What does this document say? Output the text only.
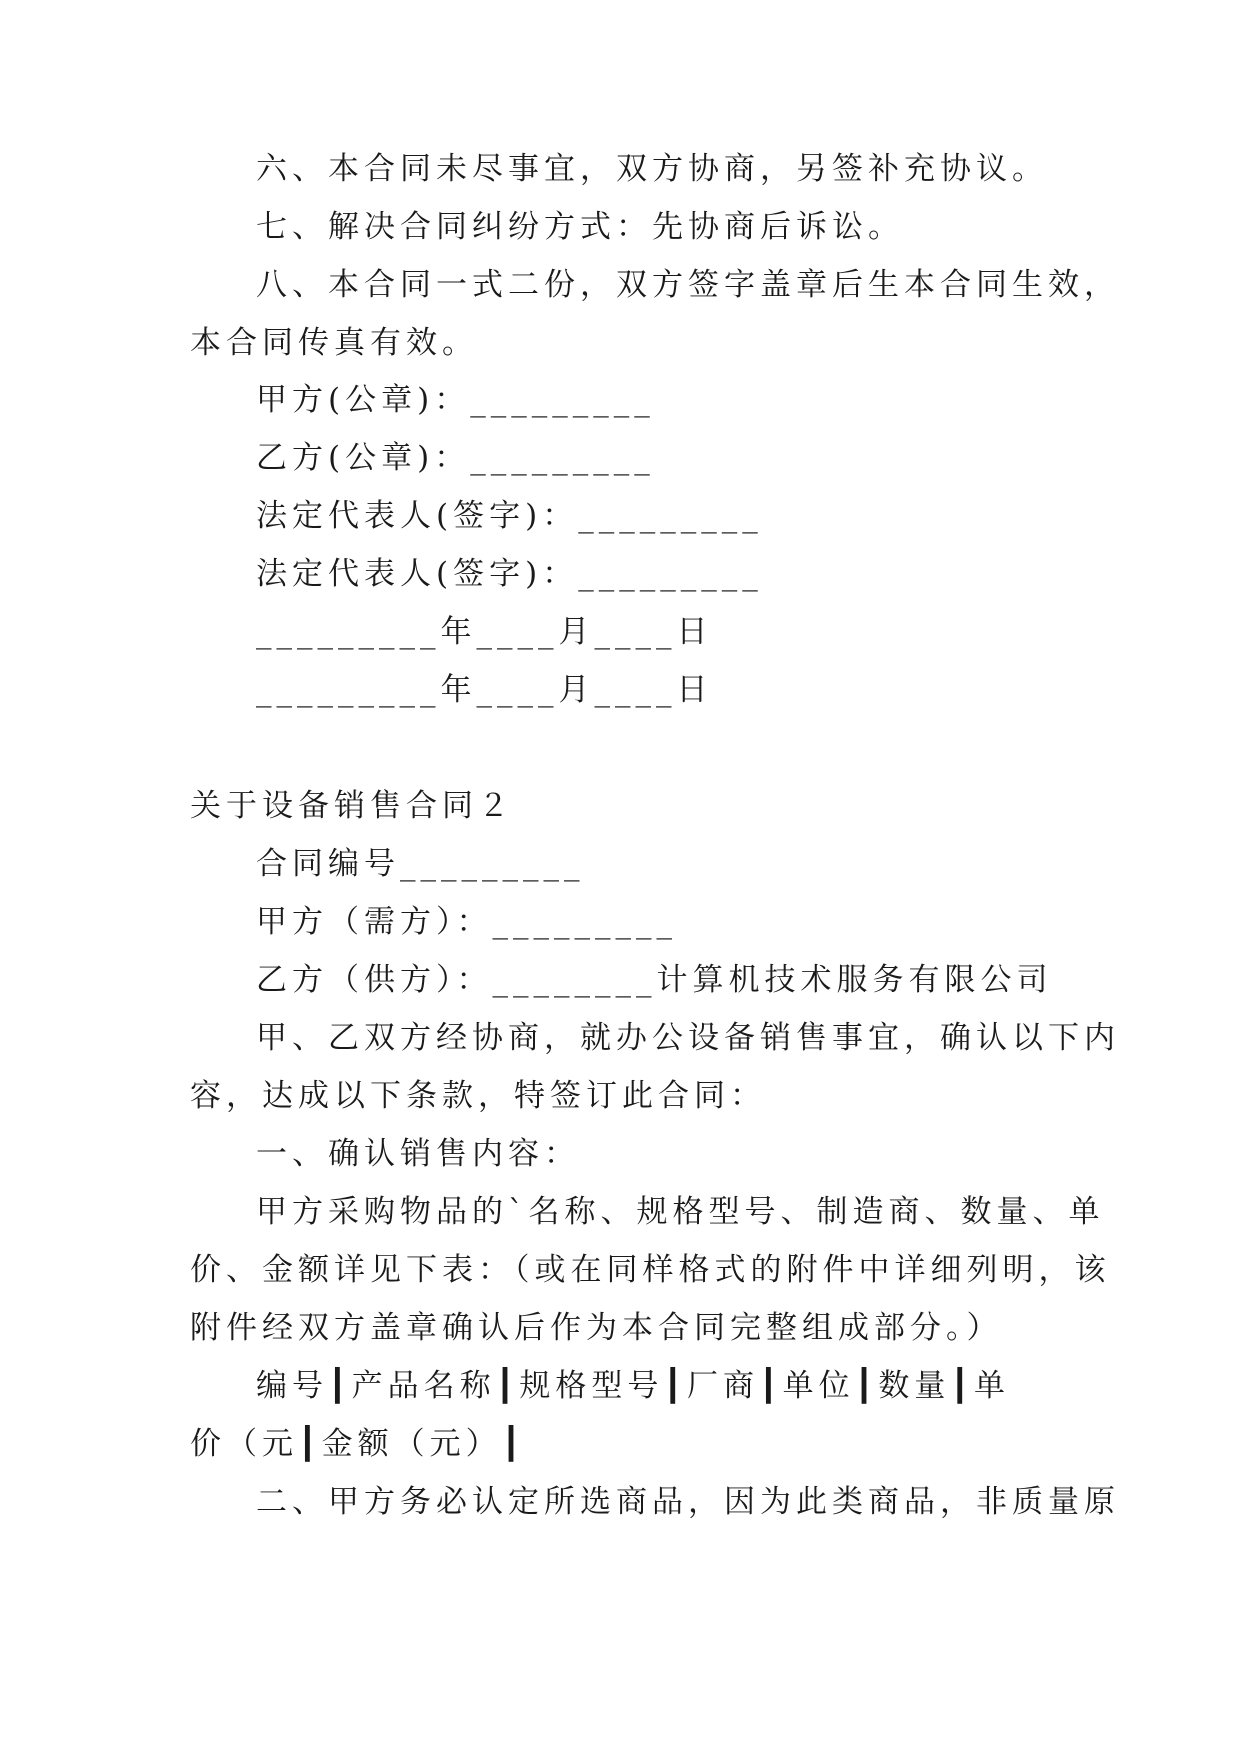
六、本合同未尽事宜，双方协商，另签补充协议。
七、解决合同纠纷方式：先协商后诉讼。
八、本合同一式二份，双方签字盖章后生本合同生效，
本合同传真有效。
甲方(公章)：_________
乙方(公章)：_________
法定代表人(签字)：_________
法定代表人(签字)：_________
_________年____月____日
_________年____月____日
关于设备销售合同２
合同编号_________
甲方（需方）：_________
乙方（供方）：________计算机技术服务有限公司
甲、乙双方经协商，就办公设备销售事宜，确认以下内
容，达成以下条款，特签订此合同：
一、确认销售内容：
甲方采购物品的`名称、规格型号、制造商、数量、单
价、金额详见下表：（或在同样格式的附件中详细列明，该
附件经双方盖章确认后作为本合同完整组成部分。）
编号┃产品名称┃规格型号┃厂商┃单位┃数量┃单
价（元┃金额（元）┃
二、甲方务必认定所选商品，因为此类商品，非质量原
